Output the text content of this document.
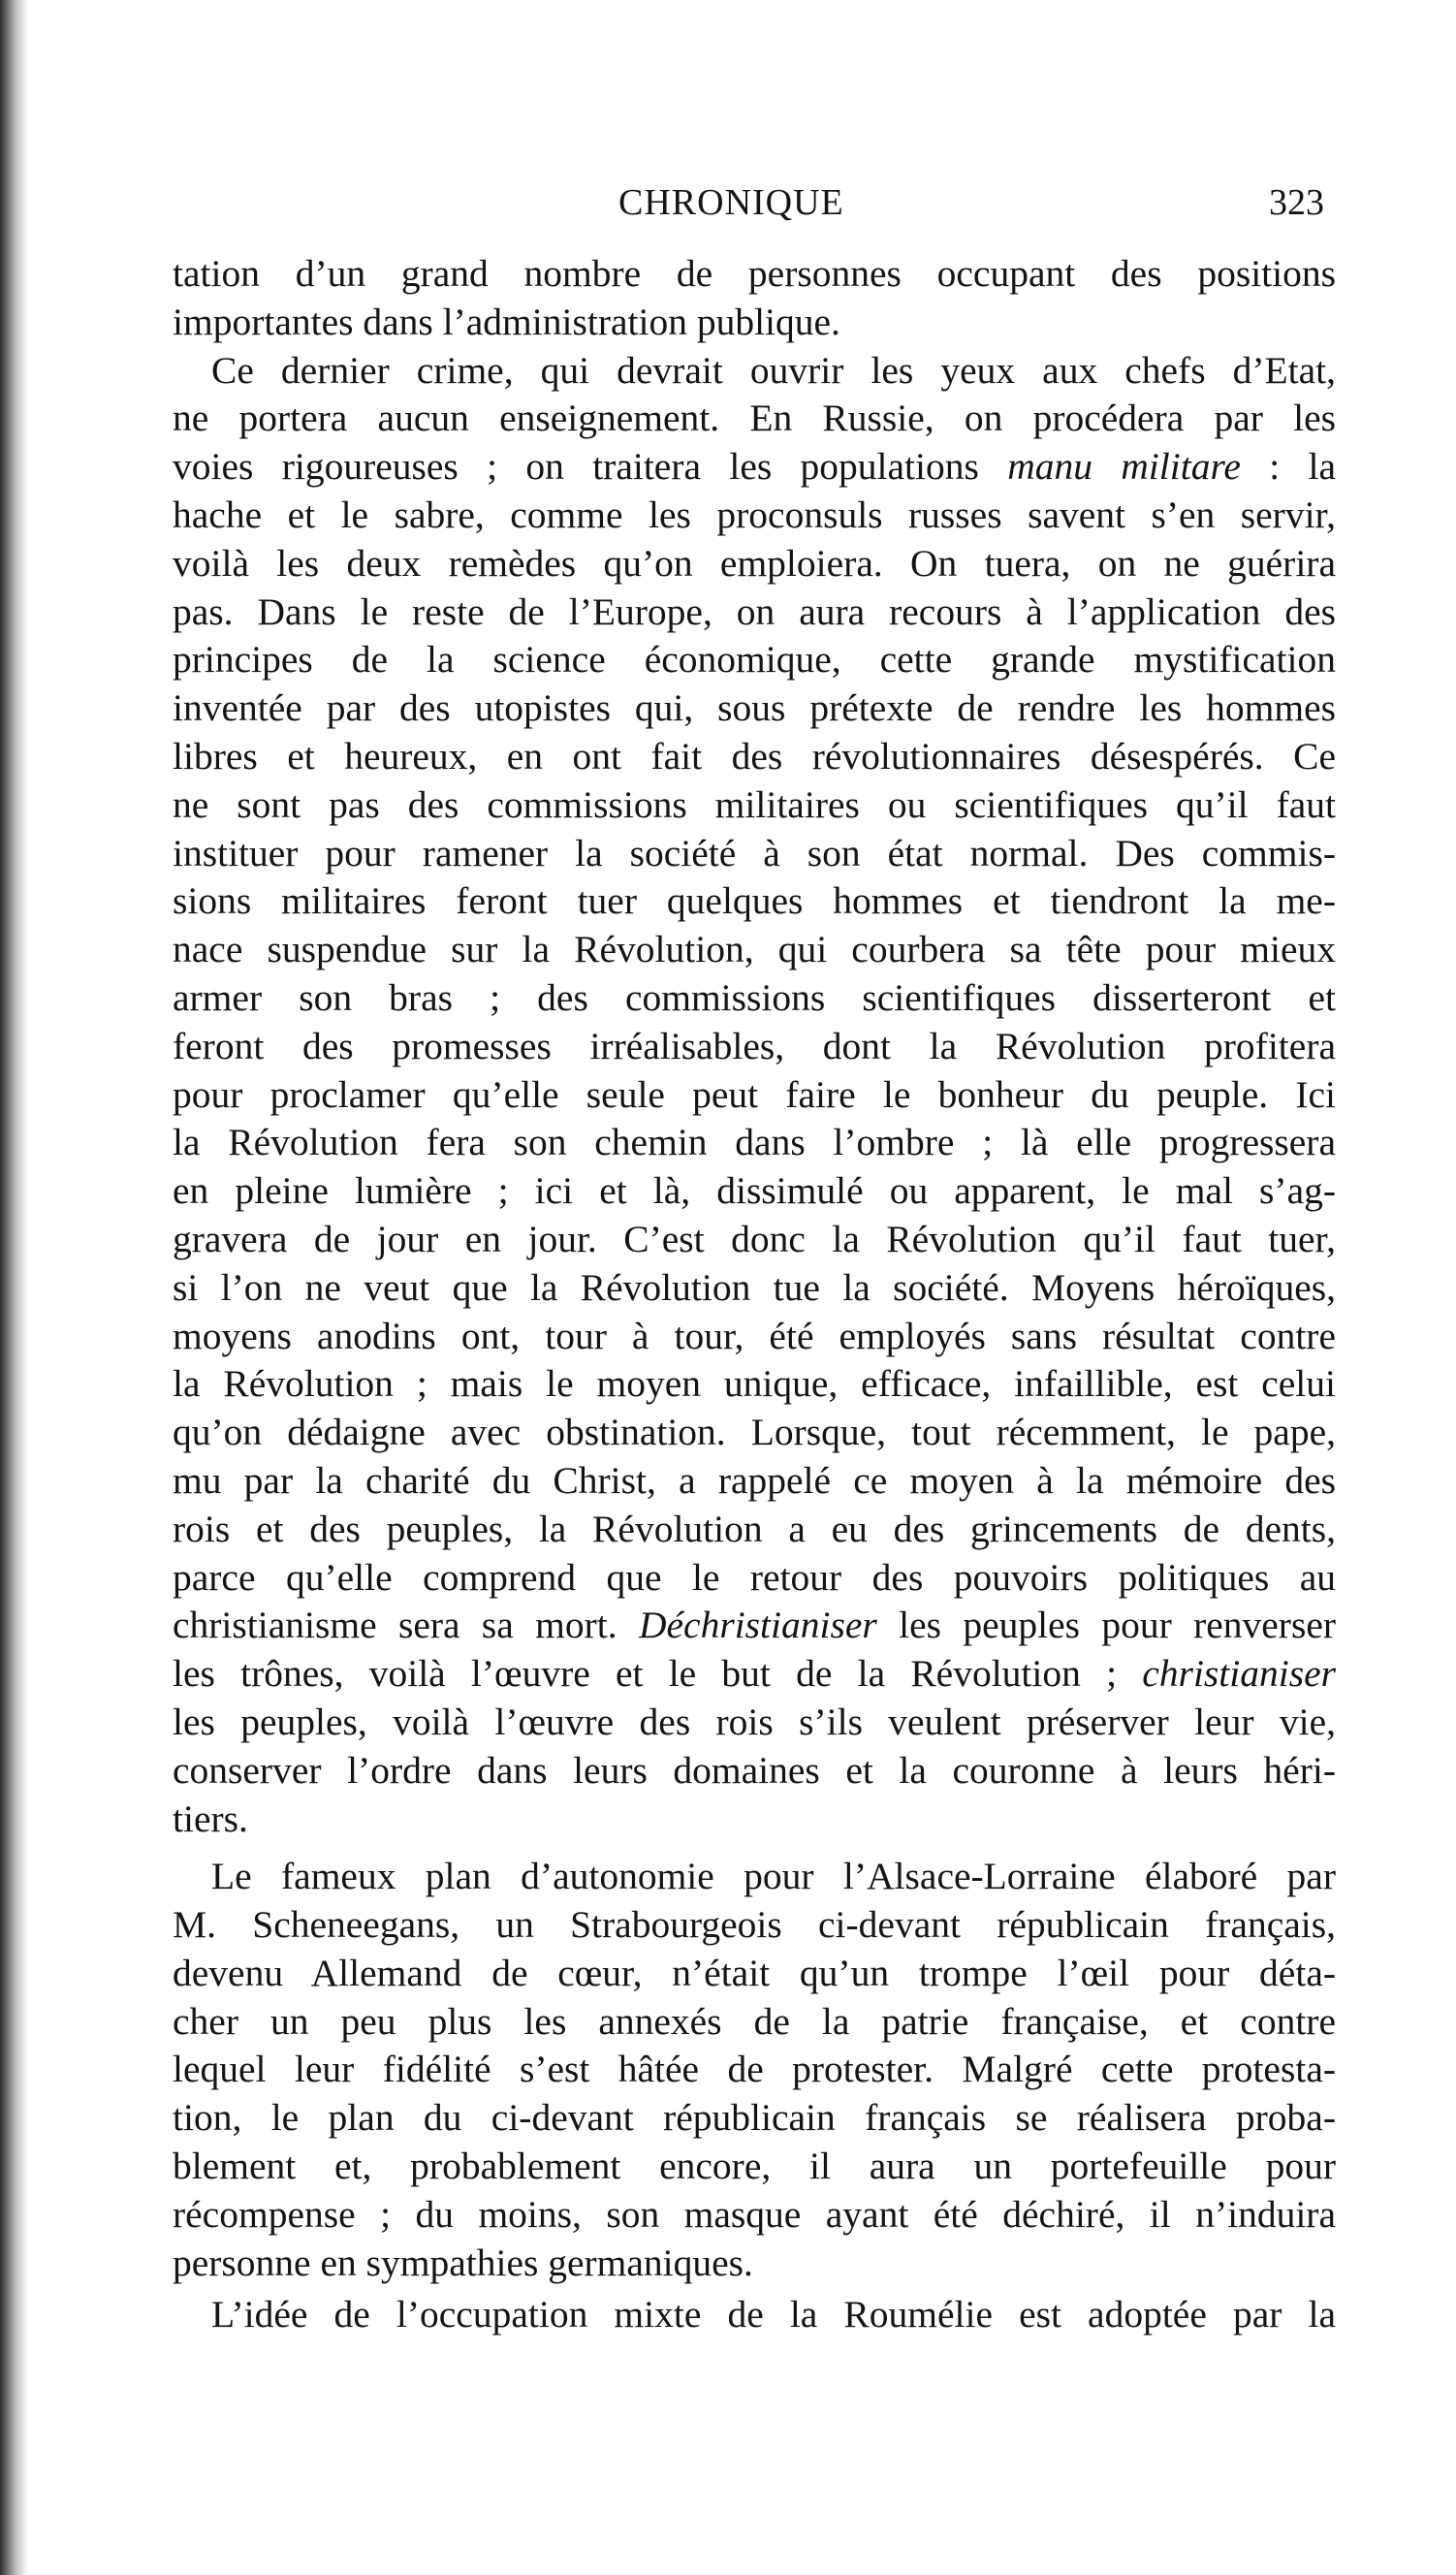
CHRONIQUE	323
tation d’un grand nombre de personnes occupant des positions
importantes dans l’administration publique.
Ce dernier crime, qui devrait ouvrir les yeux aux chefs d’Etat,
ne portera aucun enseignement. En Russie, on procédera par les
voies rigoureuses ; on traitera les populations manu militare : la
hache et le sabre, comme les proconsuls russes savent s’en servir,
voilà les deux remèdes qu’on emploiera. On tuera, on ne guérira
pas. Dans le reste de l’Europe, on aura recours à l’application des
principes de la science économique, cette grande mystification
inventée par des utopistes qui, sous prétexte de rendre les hommes
libres et heureux, en ont fait des révolutionnaires désespérés. Ce
ne sont pas des commissions militaires ou scientifiques qu’il faut
instituer pour ramener la société à son état normal. Des commis-
sions militaires feront tuer quelques hommes et tiendront la me-
nace suspendue sur la Révolution, qui courbera sa tête pour mieux
armer son bras ; des commissions scientifiques disserteront et
feront des promesses irréalisables, dont la Révolution profitera
pour proclamer qu’elle seule peut faire le bonheur du peuple. Ici
la Révolution fera son chemin dans l’ombre ; là elle progressera
en pleine lumière ; ici et là, dissimulé ou apparent, le mal s’ag-
gravera de jour en jour. C’est donc la Révolution qu’il faut tuer,
si l’on ne veut que la Révolution tue la société. Moyens héroïques,
moyens anodins ont, tour à tour, été employés sans résultat contre
la Révolution ; mais le moyen unique, efficace, infaillible, est celui
qu’on dédaigne avec obstination. Lorsque, tout récemment, le pape,
mu par la charité du Christ, a rappelé ce moyen à la mémoire des
rois et des peuples, la Révolution a eu des grincements de dents,
parce qu’elle comprend que le retour des pouvoirs politiques au
christianisme sera sa mort. Déchristianiser les peuples pour renverser
les trônes, voilà l’œuvre et le but de la Révolution ; christianiser
les peuples, voilà l’œuvre des rois s’ils veulent préserver leur vie,
conserver l’ordre dans leurs domaines et la couronne à leurs héri-
tiers.
Le fameux plan d’autonomie pour l’Alsace-Lorraine élaboré par
M. Scheneegans, un Strabourgeois ci-devant républicain français,
devenu Allemand de cœur, n’était qu’un trompe l’œil pour déta-
cher un peu plus les annexés de la patrie française, et contre
lequel leur fidélité s’est hâtée de protester. Malgré cette protesta-
tion, le plan du ci-devant républicain français se réalisera proba-
blement et, probablement encore, il aura un portefeuille pour
récompense ; du moins, son masque ayant été déchiré, il n’induira
personne en sympathies germaniques.
L’idée de l’occupation mixte de la Roumélie est adoptée par la
